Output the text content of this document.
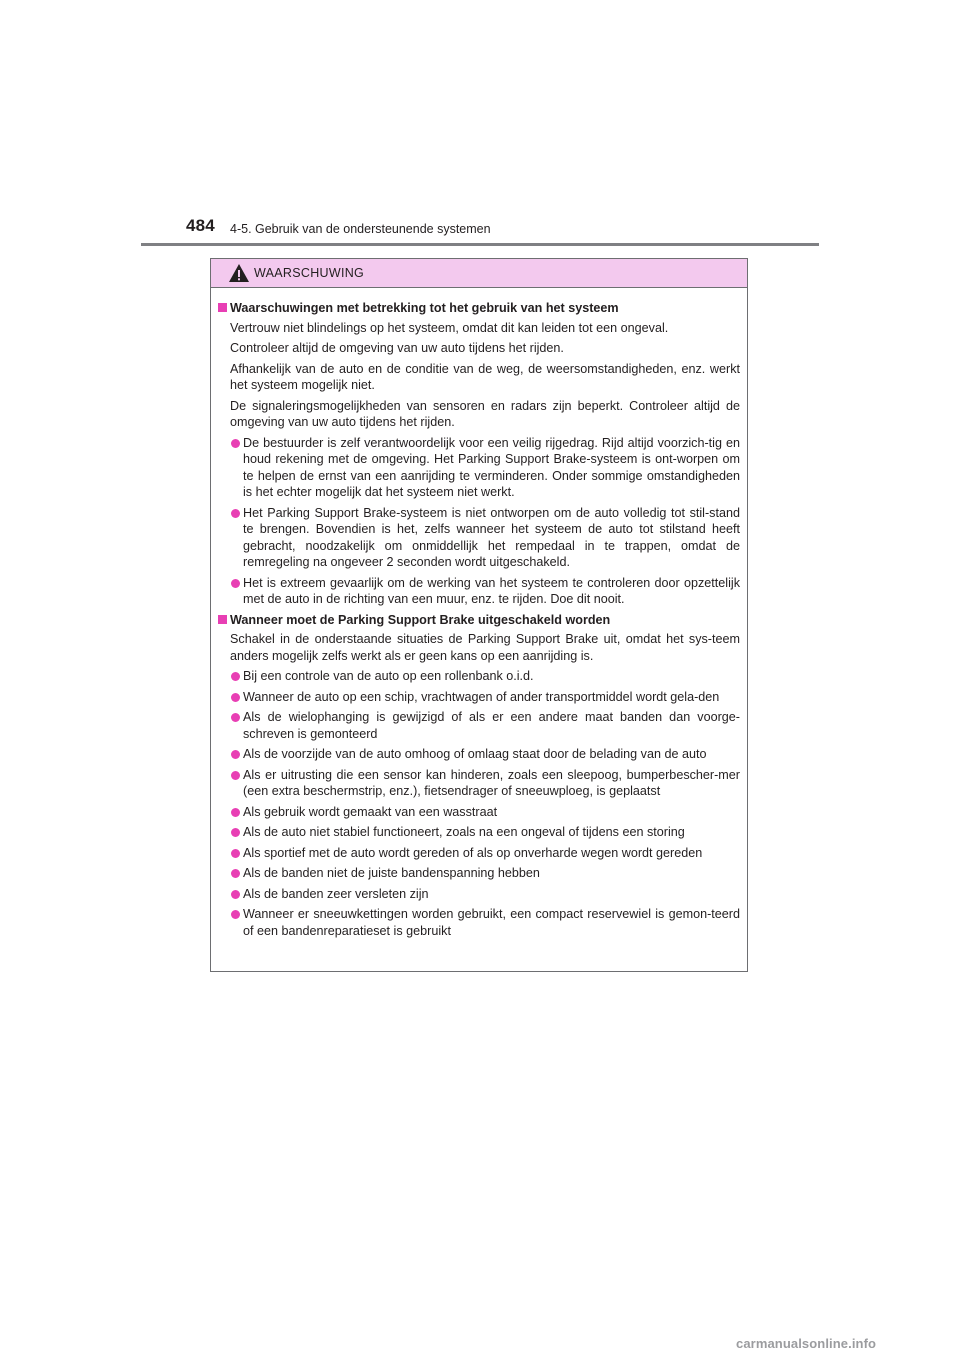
484 4-5. Gebruik van de ondersteunende systemen
WAARSCHUWING
Waarschuwingen met betrekking tot het gebruik van het systeem
Vertrouw niet blindelings op het systeem, omdat dit kan leiden tot een ongeval.
Controleer altijd de omgeving van uw auto tijdens het rijden.
Afhankelijk van de auto en de conditie van de weg, de weersomstandigheden, enz. werkt het systeem mogelijk niet.
De signaleringsmogelijkheden van sensoren en radars zijn beperkt. Controleer altijd de omgeving van uw auto tijdens het rijden.
De bestuurder is zelf verantwoordelijk voor een veilig rijgedrag. Rijd altijd voorzich-tig en houd rekening met de omgeving. Het Parking Support Brake-systeem is ont-worpen om te helpen de ernst van een aanrijding te verminderen. Onder sommige omstandigheden is het echter mogelijk dat het systeem niet werkt.
Het Parking Support Brake-systeem is niet ontworpen om de auto volledig tot stil-stand te brengen. Bovendien is het, zelfs wanneer het systeem de auto tot stilstand heeft gebracht, noodzakelijk om onmiddellijk het rempedaal in te trappen, omdat de remregeling na ongeveer 2 seconden wordt uitgeschakeld.
Het is extreem gevaarlijk om de werking van het systeem te controleren door opzettelijk met de auto in de richting van een muur, enz. te rijden. Doe dit nooit.
Wanneer moet de Parking Support Brake uitgeschakeld worden
Schakel in de onderstaande situaties de Parking Support Brake uit, omdat het sys-teem anders mogelijk zelfs werkt als er geen kans op een aanrijding is.
Bij een controle van de auto op een rollenbank o.i.d.
Wanneer de auto op een schip, vrachtwagen of ander transportmiddel wordt gela-den
Als de wielophanging is gewijzigd of als er een andere maat banden dan voorge-schreven is gemonteerd
Als de voorzijde van de auto omhoog of omlaag staat door de belading van de auto
Als er uitrusting die een sensor kan hinderen, zoals een sleepoog, bumperbescher-mer (een extra beschermstrip, enz.), fietsendrager of sneeuwploeg, is geplaatst
Als gebruik wordt gemaakt van een wasstraat
Als de auto niet stabiel functioneert, zoals na een ongeval of tijdens een storing
Als sportief met de auto wordt gereden of als op onverharde wegen wordt gereden
Als de banden niet de juiste bandenspanning hebben
Als de banden zeer versleten zijn
Wanneer er sneeuwkettingen worden gebruikt, een compact reservewiel is gemon-teerd of een bandenreparatieset is gebruikt
carmanualsonline.info
